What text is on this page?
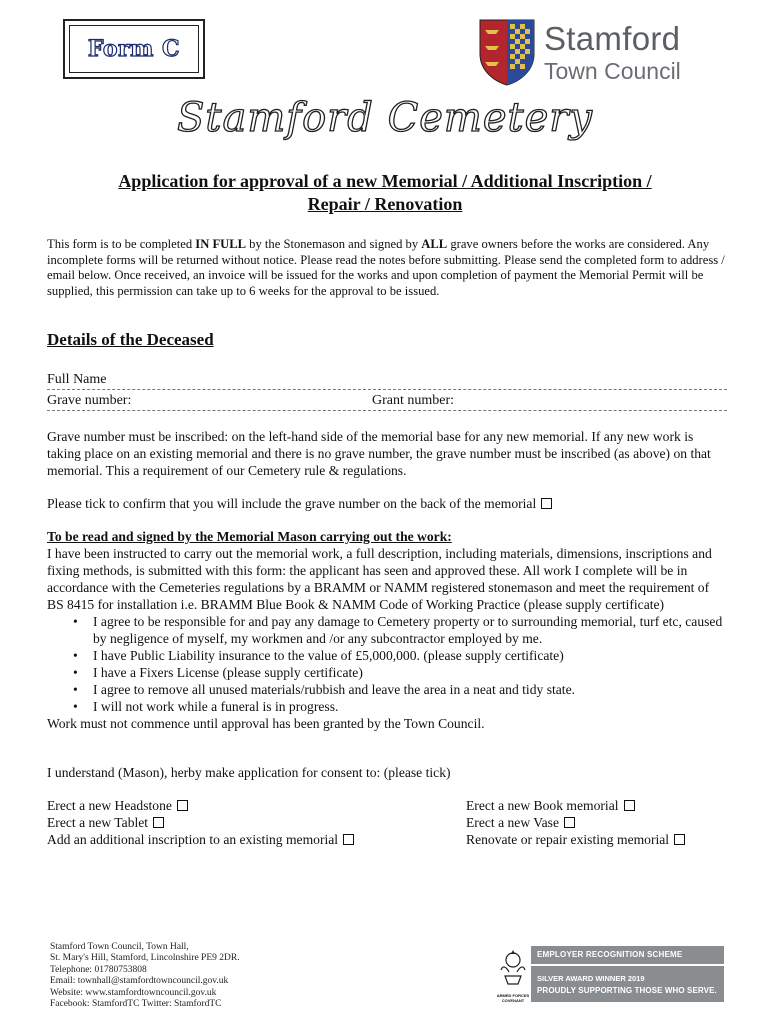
Form C	Stamford
Town Council
Stamford Cemetery
Application for approval of a new Memorial / Additional Inscription /
Repair / Renovation
This form is to be completed IN FULL by the Stonemason and signed by ALL grave owners before the works are considered. Any incomplete forms will be returned without notice. Please read the notes before submitting. Please send the completed form to address / email below. Once received, an invoice will be issued for the works and upon completion of payment the Memorial Permit will be supplied, this permission can take up to 6 weeks for the approval to be issued.
Details of the Deceased
Full Name
Grave number:	Grant number:
Grave number must be inscribed: on the left-hand side of the memorial base for any new memorial. If any new work is taking place on an existing memorial and there is no grave number, the grave number must be inscribed (as above) on that memorial. This a requirement of our Cemetery rule & regulations.
Please tick to confirm that you will include the grave number on the back of the memorial
To be read and signed by the Memorial Mason carrying out the work:
I have been instructed to carry out the memorial work, a full description, including materials, dimensions, inscriptions and fixing methods, is submitted with this form: the applicant has seen and approved these. All work I complete will be in accordance with the Cemeteries regulations by a BRAMM or NAMM registered stonemason and meet the requirement of BS 8415 for installation i.e. BRAMM Blue Book & NAMM Code of Working Practice (please supply certificate)
• I agree to be responsible for and pay any damage to Cemetery property or to surrounding memorial, turf etc, caused by negligence of myself, my workmen and /or any subcontractor employed by me.
• I have Public Liability insurance to the value of £5,000,000. (please supply certificate)
• I have a Fixers License (please supply certificate)
• I agree to remove all unused materials/rubbish and leave the area in a neat and tidy state.
• I will not work while a funeral is in progress.
Work must not commence until approval has been granted by the Town Council.
I understand (Mason), herby make application for consent to: (please tick)
Erect a new Headstone
Erect a new Tablet
Add an additional inscription to an existing memorial
Erect a new Book memorial
Erect a new Vase
Renovate or repair existing memorial
Stamford Town Council, Town Hall,
St. Mary's Hill, Stamford, Lincolnshire PE9 2DR.
Telephone: 01780753808
Email: townhall@stamfordtowncouncil.gov.uk
Website: www.stamfordtowncouncil.gov.uk
Facebook: StamfordTC Twitter: StamfordTC
ARMED FORCES COVENANT
EMPLOYER RECOGNITION SCHEME
SILVER AWARD WINNER 2019
PROUDLY SUPPORTING THOSE WHO SERVE.
